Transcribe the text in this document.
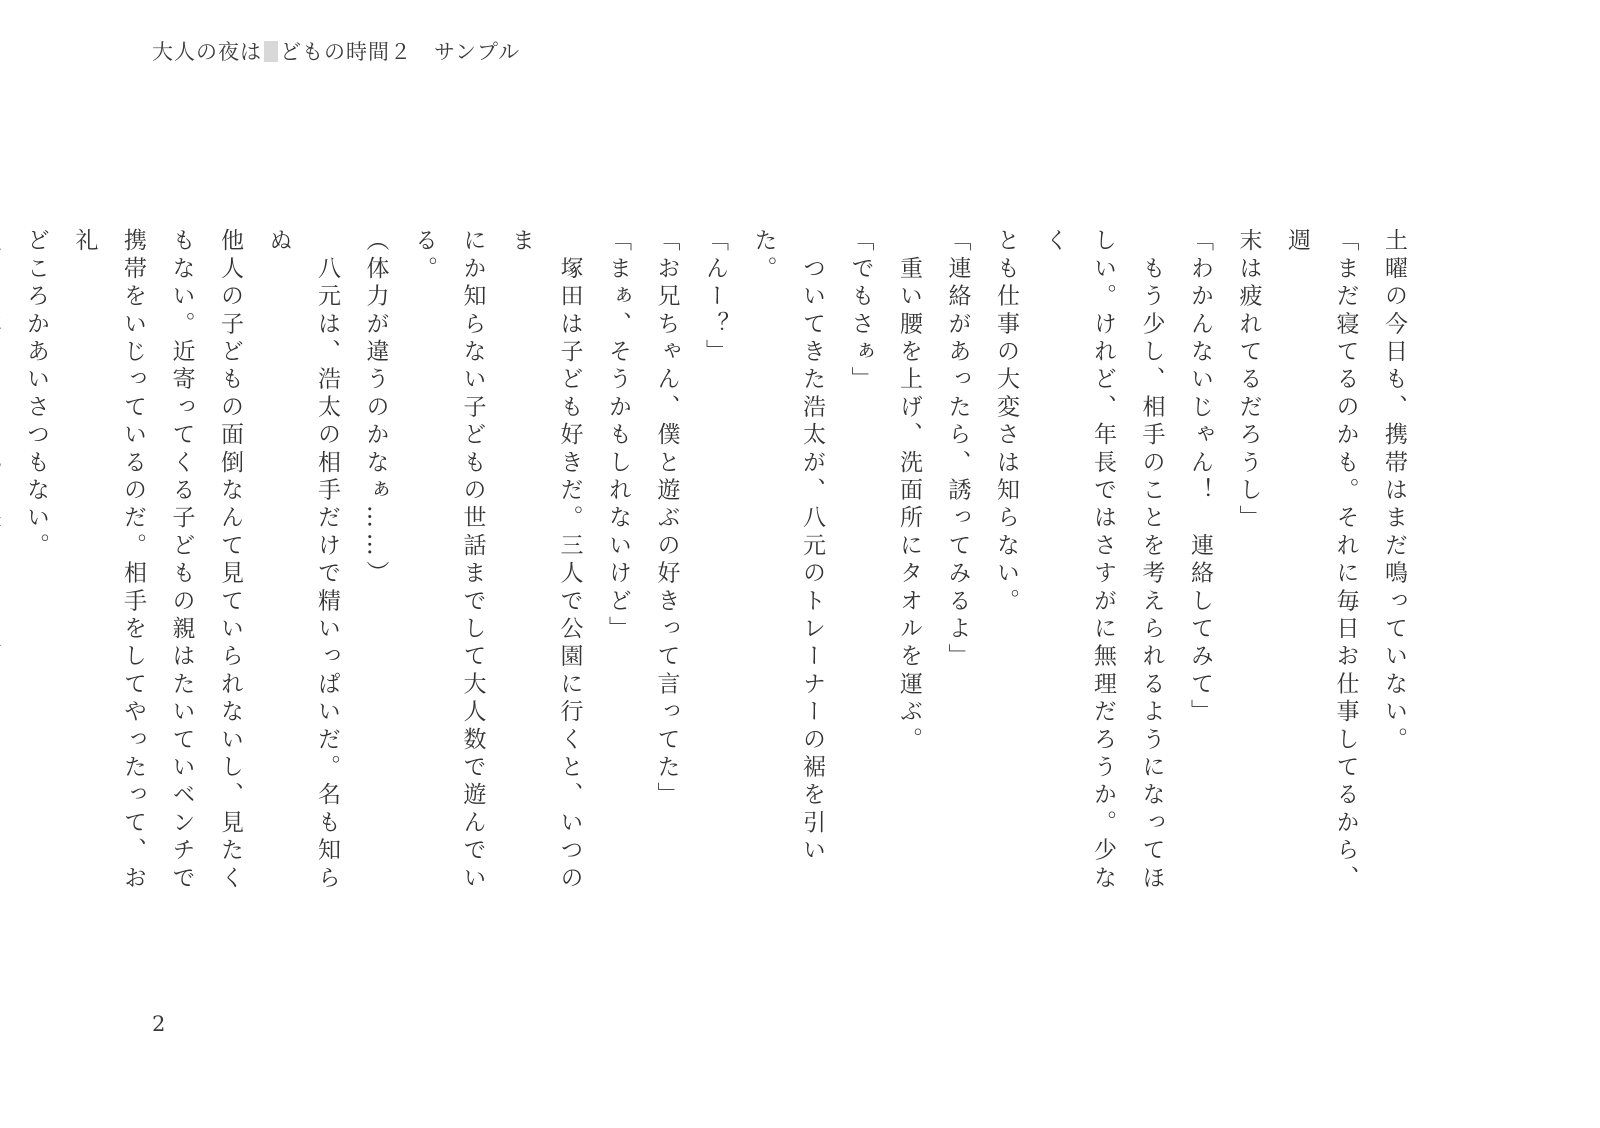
大人の夜は どもの時間２　サンプル

土曜の今日も、携帯はまだ鳴っていない。

「まだ寝てるのかも。それに毎日お仕事してるから、週

末は疲れてるだろうし」

「わかんないじゃん！　連絡してみて」

　もう少し、相手のことを考えられるようになってほ

しい。けれど、年長ではさすがに無理だろうか。少なく

とも仕事の大変さは知らない。

「連絡があったら、誘ってみるよ」

　重い腰を上げ、洗面所にタオルを運ぶ。

「でもさぁ」

　ついてきた浩太が、八元のトレーナーの裾を引いた。

「んー？」

「お兄ちゃん、僕と遊ぶの好きって言ってた」

「まぁ、そうかもしれないけど」

　塚田は子ども好きだ。三人で公園に行くと、いつのま

にか知らない子どもの世話までして大人数で遊んでい

る。

（体力が違うのかなぁ……）

　八元は、浩太の相手だけで精いっぱいだ。名も知らぬ

他人の子どもの面倒なんて見ていられないし、見たく

もない。近寄ってくる子どもの親はたいていベンチで

携帯をいじっているのだ。相手をしてやったって、お礼

どころかあいさつもない。

2
